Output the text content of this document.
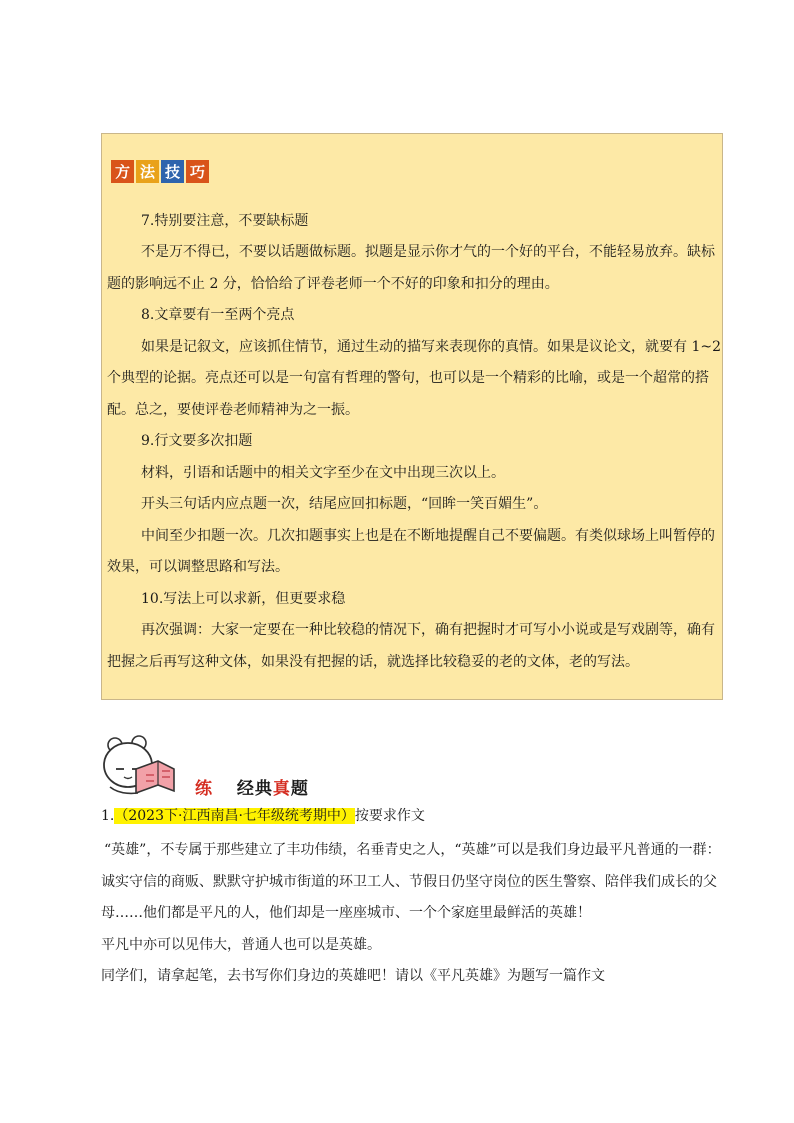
方 法 技 巧
7.特别要注意，不要缺标题
不是万不得已，不要以话题做标题。拟题是显示你才气的一个好的平台，不能轻易放弃。缺标
题的影响远不止 2 分，恰恰给了评卷老师一个不好的印象和扣分的理由。
8.文章要有一至两个亮点
如果是记叙文，应该抓住情节，通过生动的描写来表现你的真情。如果是议论文，就要有 1~2
个典型的论据。亮点还可以是一句富有哲理的警句，也可以是一个精彩的比喻，或是一个超常的搭
配。总之，要使评卷老师精神为之一振。
9.行文要多次扣题
材料，引语和话题中的相关文字至少在文中出现三次以上。
开头三句话内应点题一次，结尾应回扣标题，“回眸一笑百媚生”。
中间至少扣题一次。几次扣题事实上也是在不断地提醒自己不要偏题。有类似球场上叫暂停的
效果，可以调整思路和写法。
10.写法上可以求新，但更要求稳
再次强调：大家一定要在一种比较稳的情况下，确有把握时才可写小小说或是写戏剧等，确有
把握之后再写这种文体，如果没有把握的话，就选择比较稳妥的老的文体，老的写法。
练 经典真题
1.（2023下·江西南昌·七年级统考期中）按要求作文
“英雄”，不专属于那些建立了丰功伟绩，名垂青史之人，“英雄”可以是我们身边最平凡普通的一群：
诚实守信的商贩、默默守护城市街道的环卫工人、节假日仍坚守岗位的医生警察、陪伴我们成长的父
母……他们都是平凡的人，他们却是一座座城市、一个个家庭里最鲜活的英雄！
平凡中亦可以见伟大，普通人也可以是英雄。
同学们，请拿起笔，去书写你们身边的英雄吧！请以《平凡英雄》为题写一篇作文
